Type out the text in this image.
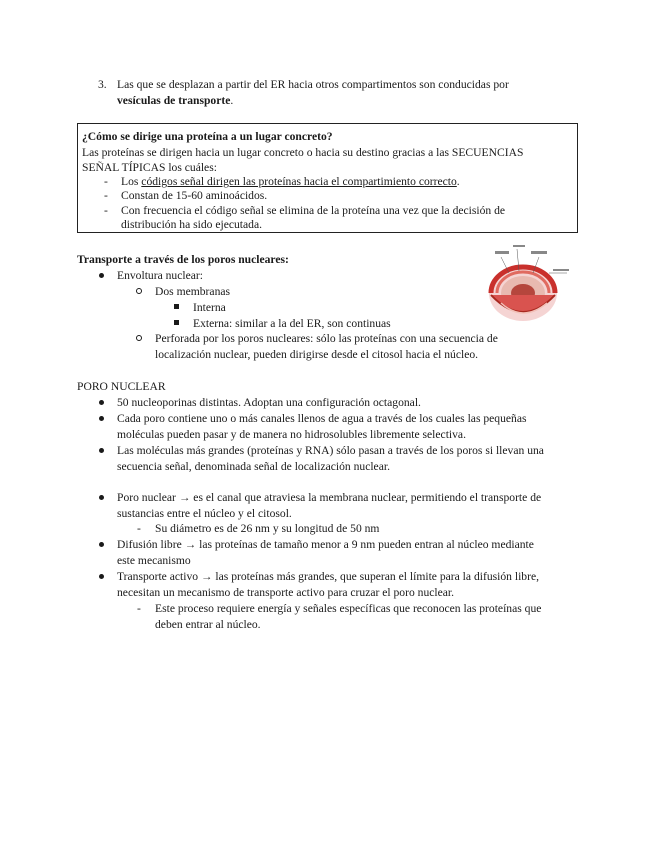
3. Las que se desplazan a partir del ER hacia otros compartimentos son conducidas por
vesículas de transporte.
¿Cómo se dirige una proteína a un lugar concreto?
Las proteínas se dirigen hacia un lugar concreto o hacia su destino gracias a las SECUENCIAS
SEÑAL TÍPICAS los cuáles:
- Los códigos señal dirigen las proteínas hacia el compartimiento correcto.
- Constan de 15-60 aminoácidos.
- Con frecuencia el código señal se elimina de la proteína una vez que la decisión de
distribución ha sido ejecutada.
Transporte a través de los poros nucleares:
Envoltura nuclear:
Dos membranas
Interna
Externa: similar a la del ER, son continuas
Perforada por los poros nucleares: sólo las proteínas con una secuencia de
localización nuclear, pueden dirigirse desde el citosol hacia el núcleo.
PORO NUCLEAR
50 nucleoporinas distintas. Adoptan una configuración octagonal.
Cada poro contiene uno o más canales llenos de agua a través de los cuales las pequeñas
moléculas pueden pasar y de manera no hidrosolubles libremente selectiva.
Las moléculas más grandes (proteínas y RNA) sólo pasan a través de los poros si llevan una
secuencia señal, denominada señal de localización nuclear.
Poro nuclear → es el canal que atraviesa la membrana nuclear, permitiendo el transporte de
sustancias entre el núcleo y el citosol.
- Su diámetro es de 26 nm y su longitud de 50 nm
Difusión libre → las proteínas de tamaño menor a 9 nm pueden entran al núcleo mediante
este mecanismo
Transporte activo → las proteínas más grandes, que superan el límite para la difusión libre,
necesitan un mecanismo de transporte activo para cruzar el poro nuclear.
- Este proceso requiere energía y señales específicas que reconocen las proteínas que
deben entrar al núcleo.
